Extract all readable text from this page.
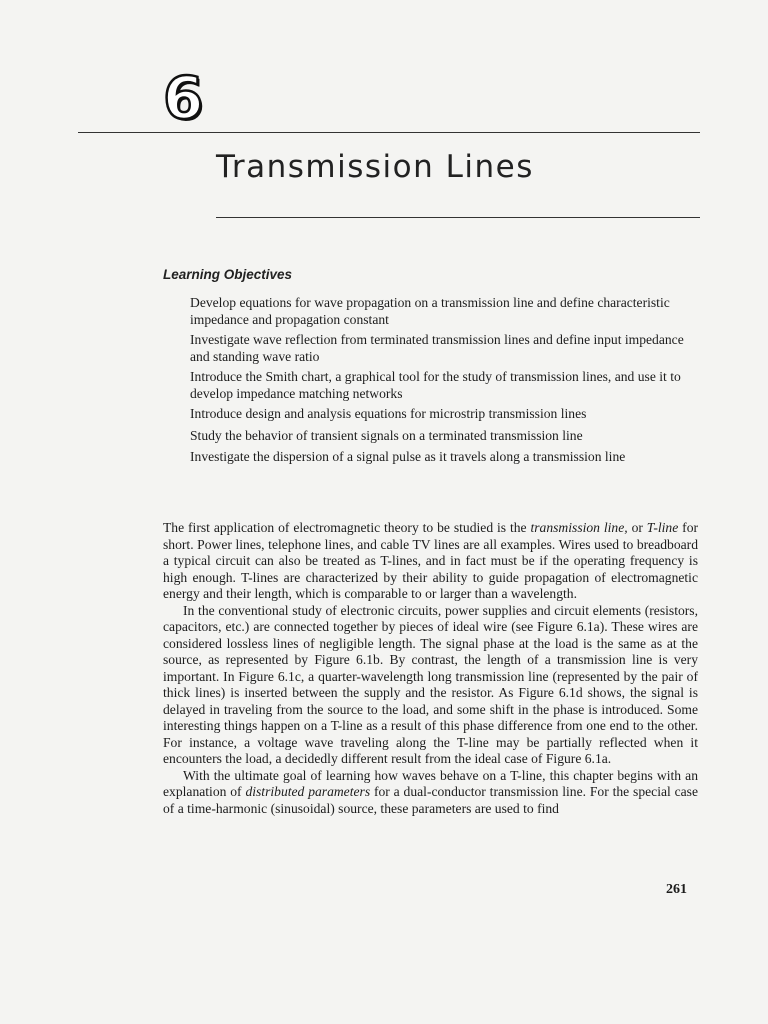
6
Transmission Lines
Learning Objectives
Develop equations for wave propagation on a transmission line and define characteristic impedance and propagation constant
Investigate wave reflection from terminated transmission lines and define input impedance and standing wave ratio
Introduce the Smith chart, a graphical tool for the study of transmission lines, and use it to develop impedance matching networks
Introduce design and analysis equations for microstrip transmission lines
Study the behavior of transient signals on a terminated transmission line
Investigate the dispersion of a signal pulse as it travels along a transmission line

The first application of electromagnetic theory to be studied is the transmission line, or T-line for short. Power lines, telephone lines, and cable TV lines are all examples. Wires used to breadboard a typical circuit can also be treated as T-lines, and in fact must be if the operating frequency is high enough. T-lines are characterized by their ability to guide propagation of electromagnetic energy and their length, which is comparable to or larger than a wavelength.

In the conventional study of electronic circuits, power supplies and circuit elements (resistors, capacitors, etc.) are connected together by pieces of ideal wire (see Figure 6.1a). These wires are considered lossless lines of negligible length. The signal phase at the load is the same as at the source, as represented by Figure 6.1b. By contrast, the length of a transmission line is very important. In Figure 6.1c, a quarter-wavelength long transmission line (represented by the pair of thick lines) is inserted between the supply and the resistor. As Figure 6.1d shows, the signal is delayed in traveling from the source to the load, and some shift in the phase is introduced. Some interesting things happen on a T-line as a result of this phase difference from one end to the other. For instance, a voltage wave traveling along the T-line may be partially reflected when it encounters the load, a decidedly different result from the ideal case of Figure 6.1a.

With the ultimate goal of learning how waves behave on a T-line, this chapter begins with an explanation of distributed parameters for a dual-conductor transmission line. For the special case of a time-harmonic (sinusoidal) source, these parameters are used to find

261
